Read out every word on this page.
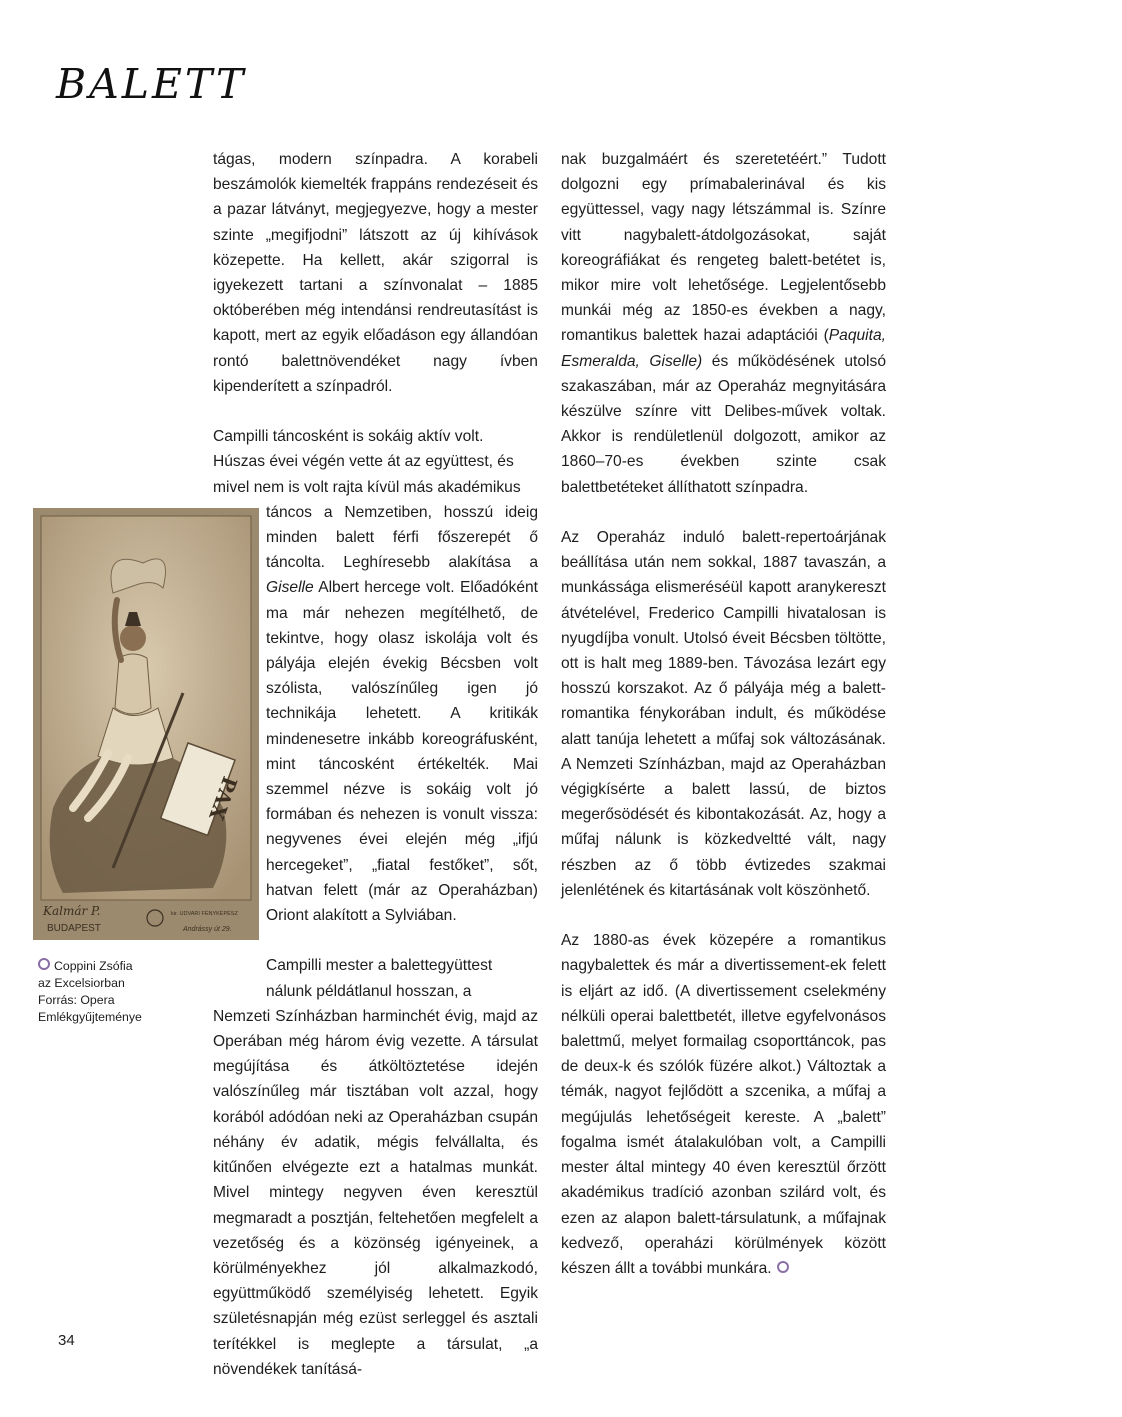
BALETT
PAX
Kalmár P.
BUDAPEST
kir. UDVARI FÉNYKÉPÉSZ
Andrássy út 29.
Coppini Zsófia
az Excelsiorban
Forrás: Opera
Emlékgyűjteménye

tágas, modern színpadra. A korabeli beszámolók kiemelték frappáns rendezéseit és a pazar látványt, megjegyezve, hogy a mester szinte „megifjodni” látszott az új kihívások közepette. Ha kellett, akár szigorral is igyekezett tartani a színvonalat – 1885 októberében még intendánsi rendreutasítást is kapott, mert az egyik előadáson egy állandóan rontó balettnövendéket nagy ívben kipenderített a színpadról.

Campilli táncosként is sokáig aktív volt.

Húszas évei végén vette át az együttest, és

mivel nem is volt rajta kívül más akadémikus

táncos a Nemzetiben, hosszú ideig minden balett férfi főszerepét ő táncolta. Leghíresebb alakítása a Giselle Albert hercege volt. Előadóként ma már nehezen megítélhető, de tekintve, hogy olasz iskolája volt és pályája elején évekig Bécsben volt szólista, valószínűleg igen jó technikája lehetett. A kritikák mindenesetre inkább koreográfusként, mint táncosként értékelték. Mai szemmel nézve is sokáig volt jó formában és nehezen is vonult vissza: negyvenes évei elején még „ifjú hercegeket”, „fiatal festőket”, sőt, hatvan felett (már az Operaházban) Oriont alakított a Sylviában.

Campilli mester a balettegyüttest

nálunk példátlanul hosszan, a

Nemzeti Színházban harminchét évig, majd az Operában még három évig vezette. A társulat megújítása és átköltöztetése idején valószínűleg már tisztában volt azzal, hogy korából adódóan neki az Operaházban csupán néhány év adatik, mégis felvállalta, és kitűnően elvégezte ezt a hatalmas munkát. Mivel mintegy negyven éven keresztül megmaradt a posztján, feltehetően megfelelt a vezetőség és a közönség igényeinek, a körülményekhez jól alkalmazkodó, együttműködő személyiség lehetett. Egyik születésnapján még ezüst serleggel és asztali terítékkel is meglepte a társulat, „a növendékek tanításá-

nak buzgalmáért és szeretetéért.” Tudott dolgozni egy prímabalerinával és kis együttessel, vagy nagy létszámmal is. Színre vitt nagybalett-átdolgozásokat, saját koreográfiákat és rengeteg balett-betétet is, mikor mire volt lehetősége. Legjelentősebb munkái még az 1850-es években a nagy, romantikus balettek hazai adaptációi (Paquita, Esmeralda, Giselle) és működésének utolsó szakaszában, már az Operaház megnyitására készülve színre vitt Delibes-művek voltak. Akkor is rendületlenül dolgozott, amikor az 1860–70-es években szinte csak balettbetéteket állíthatott színpadra.

Az Operaház induló balett-repertoárjának beállítása után nem sokkal, 1887 tavaszán, a munkássága elismeréséül kapott aranykereszt átvételével, Frederico Campilli hivatalosan is nyugdíjba vonult. Utolsó éveit Bécsben töltötte, ott is halt meg 1889-ben. Távozása lezárt egy hosszú korszakot. Az ő pályája még a balett-romantika fénykorában indult, és működése alatt tanúja lehetett a műfaj sok változásának. A Nemzeti Színházban, majd az Operaházban végigkísérte a balett lassú, de biztos megerősödését és kibontakozását. Az, hogy a műfaj nálunk is közkedveltté vált, nagy részben az ő több évtizedes szakmai jelenlétének és kitartásának volt köszönhető.

Az 1880-as évek közepére a romantikus nagybalettek és már a divertissement-ek felett is eljárt az idő. (A divertissement cselekmény nélküli operai balettbetét, illetve egyfelvonásos balettmű, melyet formailag csoporttáncok, pas de deux-k és szólók füzére alkot.) Változtak a témák, nagyot fejlődött a szcenika, a műfaj a megújulás lehetőségeit kereste. A „balett” fogalma ismét átalakulóban volt, a Campilli mester által mintegy 40 éven keresztül őrzött akadémikus tradíció azonban szilárd volt, és ezen az alapon balett-társulatunk, a műfajnak kedvező, operaházi körülmények között készen állt a további munkára.

34
